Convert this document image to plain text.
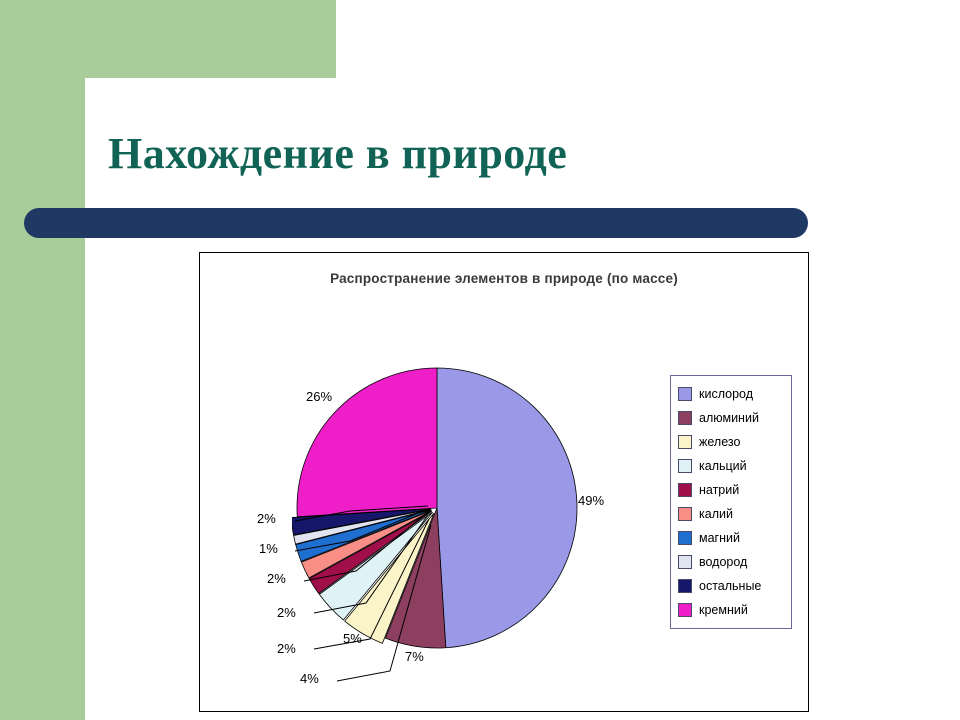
Нахождение в природе
Распространение элементов в природе (по массе)
49%
7%
5%
4%
2%
2%
2%
1%
2%
26%	кислород
алюминий
железо
кальций
натрий
калий
магний
водород
остальные
кремний
